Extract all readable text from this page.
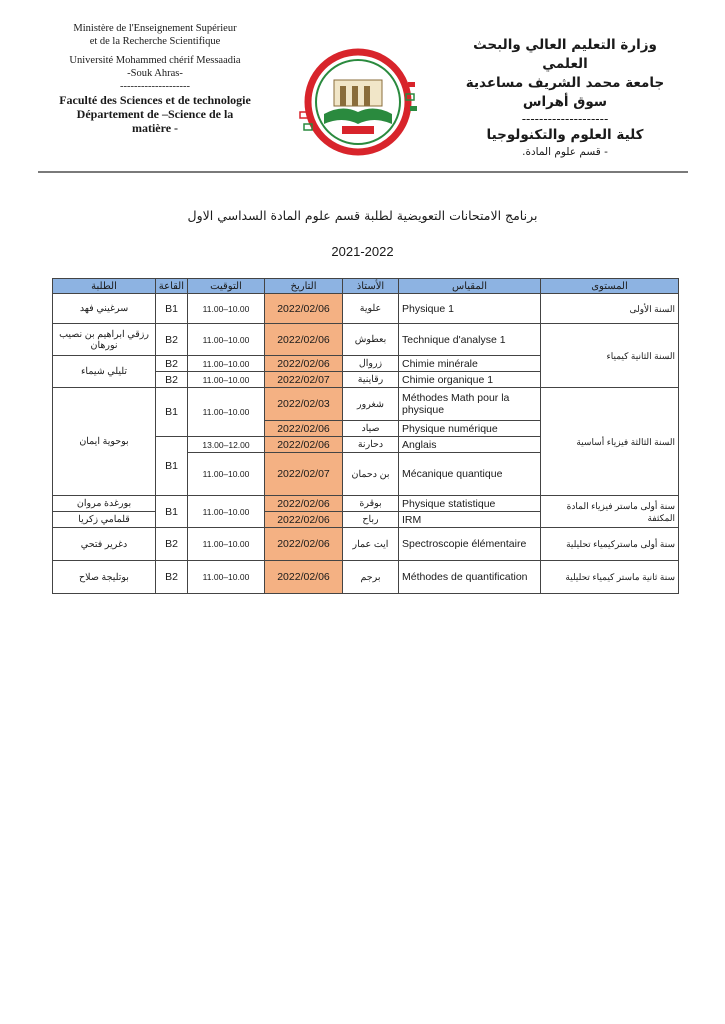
Ministère de l'Enseignement Supérieur
et de la Recherche Scientifique
Université Mohammed chérif Messaadia
-Souk Ahras-
--------------------
Faculté des Sciences et de technologie
Département de –Science de la
matière -
وزارة التعليم العالي والبحث العلمي
جامعة محمد الشريف مساعدية
سوق أهراس
--------------------
كلية العلوم والتكنولوجيا
- قسم علوم المادة.
برنامج الامتحانات التعويضية لطلبة قسم علوم المادة السداسي الاول
2021-2022
الطلبة	القاعة	التوقيت	التاريخ	الأستاذ	المقياس	المستوى
سرغيني فهد	B1	11.00–10.00	2022/02/06	علوية	Physique 1	السنة الأولى
رزقي ابراهيم بن نصيب نورهان	B2	11.00–10.00	2022/02/06	بعطوش	Technique d'analyse 1	السنة الثانية كيمياء
تليلي شيماء	B2	11.00–10.00	2022/02/06	زروال	Chimie minérale	
	B2	11.00–10.00	2022/02/07	رقاينية	Chimie organique 1	
بوحوية ايمان	B1	11.00–10.00	2022/02/03	شغرور	Méthodes Math pour la physique	السنة الثالثة فيزياء أساسية
			2022/02/06	صياد	Physique numérique	
	B1	13.00–12.00	2022/02/06	دحارنة	Anglais	
		11.00–10.00	2022/02/07	بن دحمان	Mécanique quantique	
بورغدة مروان	B1	11.00–10.00	2022/02/06	بوقرة	Physique statistique	سنة أولى ماستر فيزياء المادة المكثفة
قلمامي زكريا			2022/02/06	رباح	IRM	
دغرير فتحي	B2	11.00–10.00	2022/02/06	ايت عمار	Spectroscopie élémentaire	سنة أولى ماستركيمياء تحليلية
بوتليجة صلاح	B2	11.00–10.00	2022/02/06	برجم	Méthodes de quantification	سنة ثانية ماستر كيمياء تحليلية
